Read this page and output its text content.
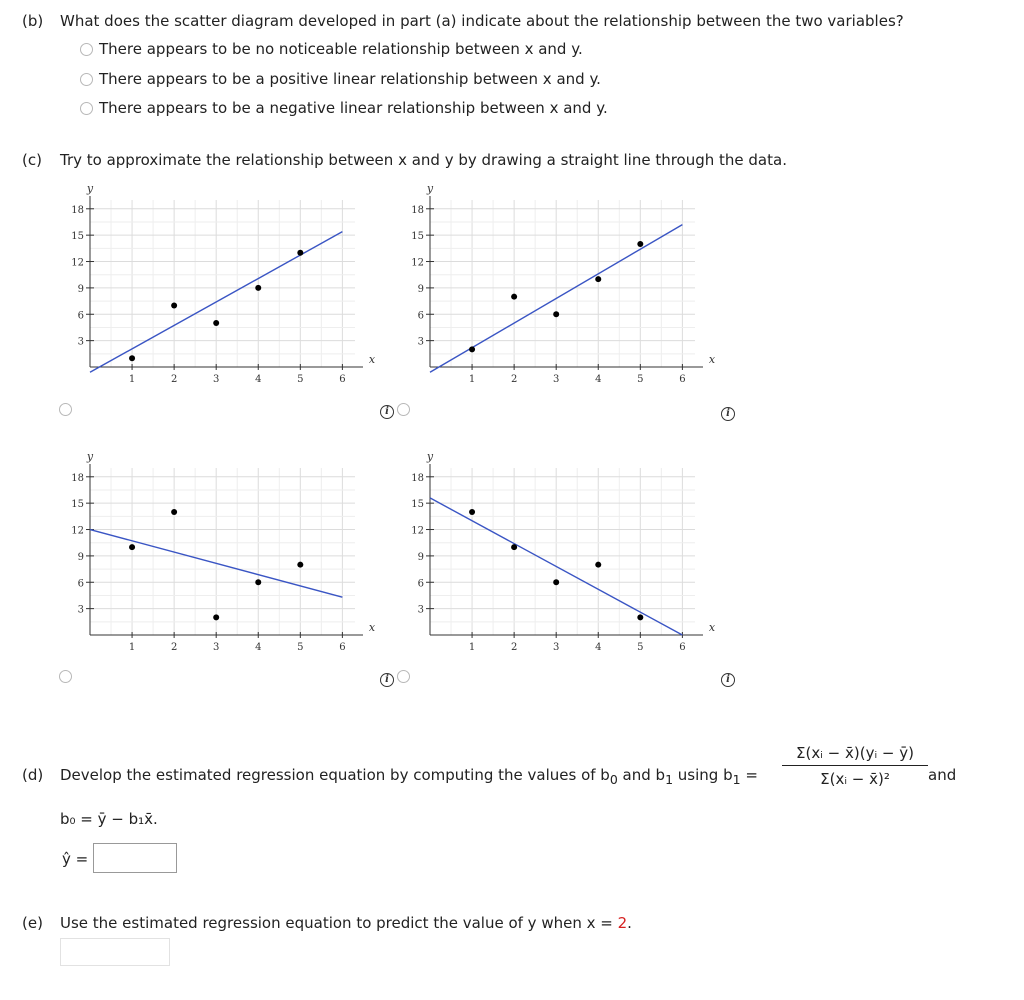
(b) What does the scatter diagram developed in part (a) indicate about the relationship between the two variables?
There appears to be no noticeable relationship between x and y.
There appears to be a positive linear relationship between x and y.
There appears to be a negative linear relationship between x and y.
(c) Try to approximate the relationship between x and y by drawing a straight line through the data.
1	2	3	4	5	6
3
6
9
12
15
18
x
y
1	2	3	4	5	6
3
6
9
12
15
18
x
y
1	2	3	4	5	6
3
6
9
12
15
18
x
y
1	2	3	4	5	6
3
6
9
12
15
18
x
y
i	i
i	i
(d) Develop the estimated regression equation by computing the values of $b_0$ and $b_1$ using $b_1 = \frac{\text{Σ(xᵢ − x̄)(yᵢ − ȳ)}}{\text{Σ(xᵢ − x̄)²}}$ and
b₀ = ȳ − b₁x̄.
ŷ =
(e) Use the estimated regression equation to predict the value of y when x = 2.
